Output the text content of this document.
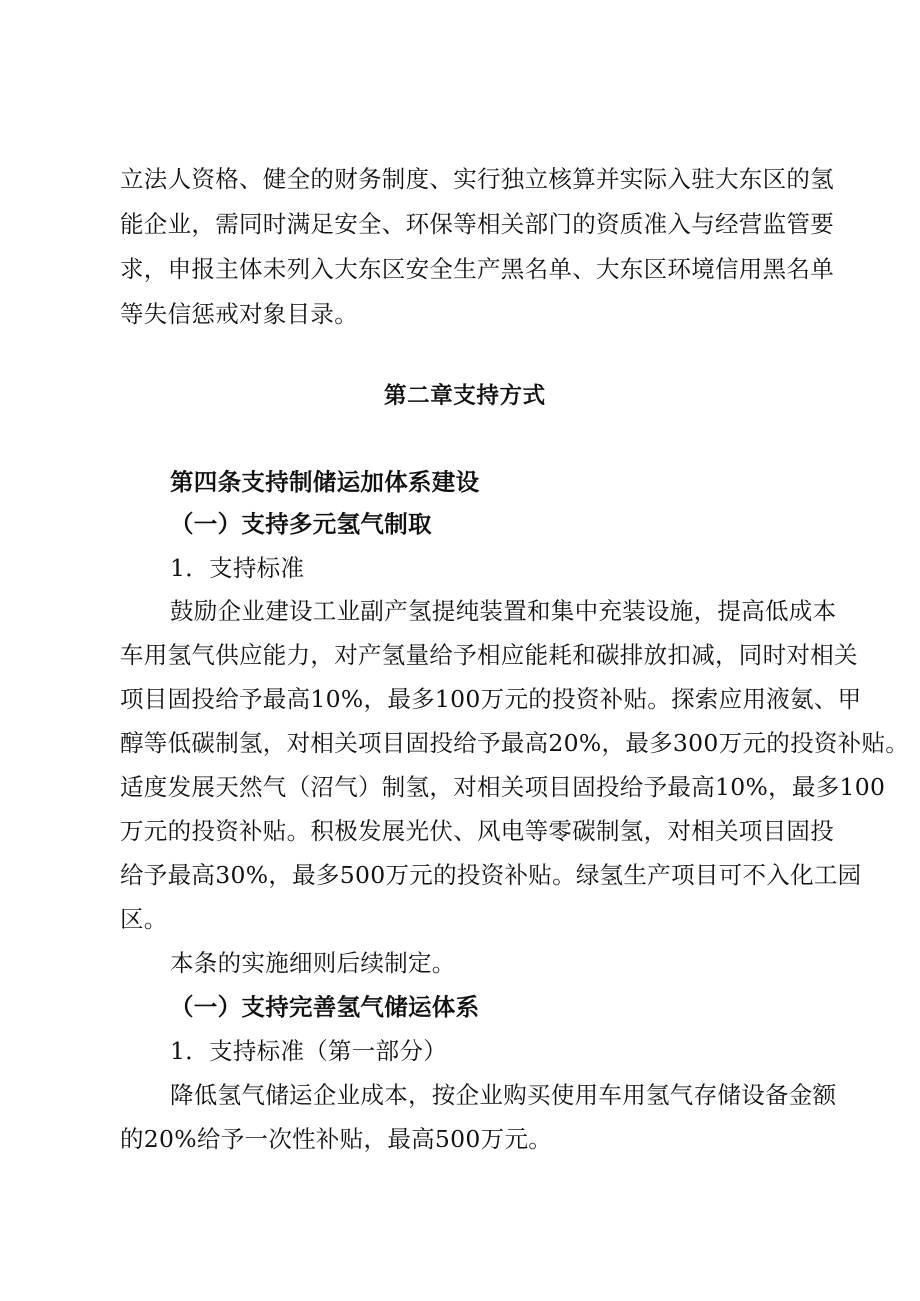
立法人资格、健全的财务制度、实行独立核算并实际入驻大东区的氢
能企业，需同时满足安全、环保等相关部门的资质准入与经营监管要
求，申报主体未列入大东区安全生产黑名单、大东区环境信用黑名单
等失信惩戒对象目录。
第二章支持方式
第四条支持制储运加体系建设
（一）支持多元氢气制取
1．支持标准
鼓励企业建设工业副产氢提纯装置和集中充装设施，提高低成本
车用氢气供应能力，对产氢量给予相应能耗和碳排放扣减，同时对相关
项目固投给予最高10%，最多100万元的投资补贴。探索应用液氨、甲
醇等低碳制氢，对相关项目固投给予最高20%，最多300万元的投资补贴。
适度发展天然气（沼气）制氢，对相关项目固投给予最高10%，最多100
万元的投资补贴。积极发展光伏、风电等零碳制氢，对相关项目固投
给予最高30%，最多500万元的投资补贴。绿氢生产项目可不入化工园
区。
本条的实施细则后续制定。
（一）支持完善氢气储运体系
1．支持标准（第一部分）
降低氢气储运企业成本，按企业购买使用车用氢气存储设备金额
的20%给予一次性补贴，最高500万元。
